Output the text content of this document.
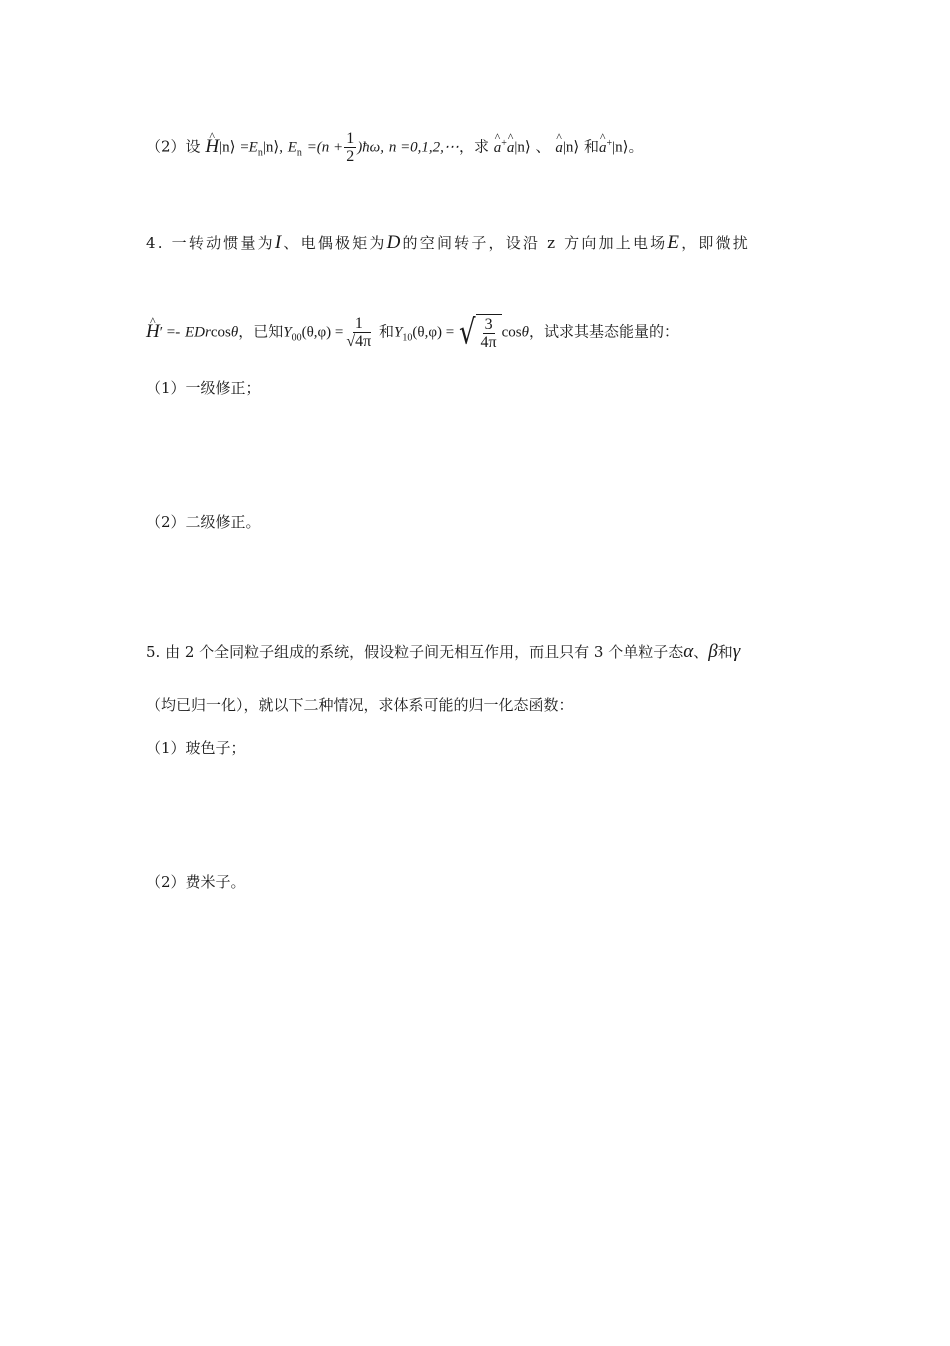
（2）设 ^ H|n⟩ $=E_n|n⟩$, $E_n =(n + \frac{1}{2}$ )ħω, n =0,1,2,⋯，求 ^ a+^ a|n⟩ 、 ^ a|n⟩ 和^ a+|n⟩。
4. 一转动惯量为I、电偶极矩为D的空间转子，设沿 z 方向加上电场E，即微扰
^ H′ =- EDrcosθ，已知$Y_{00}(\theta,\varphi) = \frac{1}{√4\pi}$ 和$Y_{10}(\theta,\varphi)$ = √ $\frac{3}{4\pi}$ cosθ，试求其基态能量的：
（1）一级修正；
（2）二级修正。
5. 由 2 个全同粒子组成的系统，假设粒子间无相互作用，而且只有 3 个单粒子态α、β和γ
（均已归一化），就以下二种情况，求体系可能的归一化态函数：
（1）玻色子；
（2）费米子。
